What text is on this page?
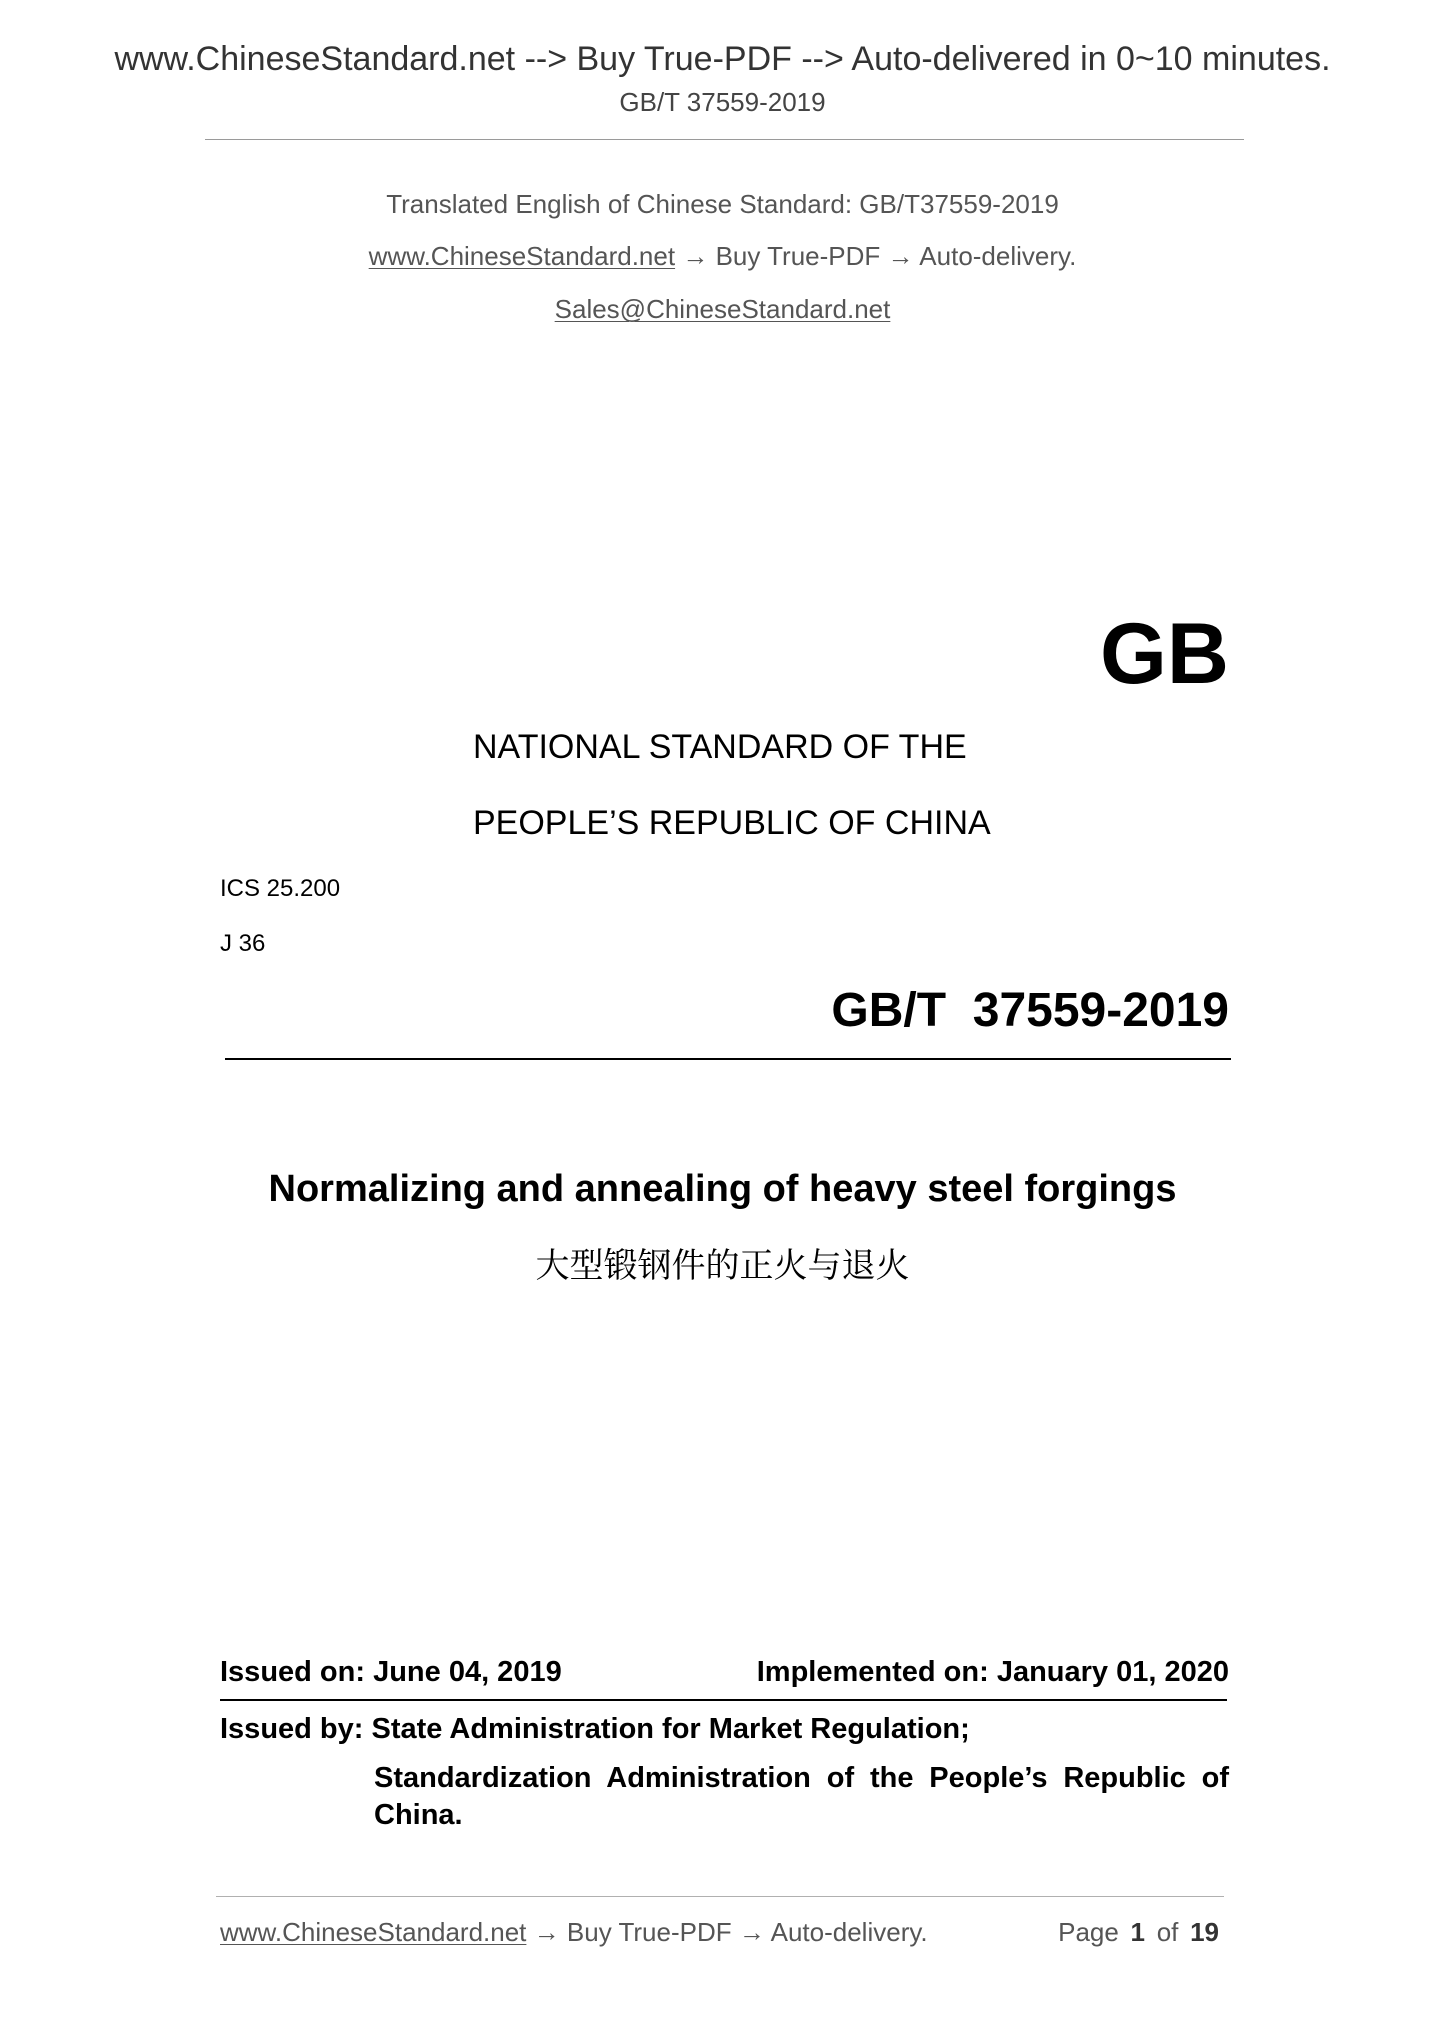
www.ChineseStandard.net --> Buy True-PDF --> Auto-delivered in 0~10 minutes.
GB/T 37559-2019
Translated English of Chinese Standard: GB/T37559-2019
www.ChineseStandard.net → Buy True-PDF → Auto-delivery.
Sales@ChineseStandard.net
GB
NATIONAL STANDARD OF THE
PEOPLE’S REPUBLIC OF CHINA
ICS 25.200
J 36
GB/T  37559-2019
Normalizing and annealing of heavy steel forgings
大型锻钢件的正火与退火
Issued on: June 04, 2019	Implemented on: January 01, 2020
Issued by: State Administration for Market Regulation;
Standardization Administration of the People’s Republic of
China.
www.ChineseStandard.net → Buy True-PDF → Auto-delivery.	Page 1 of 19
